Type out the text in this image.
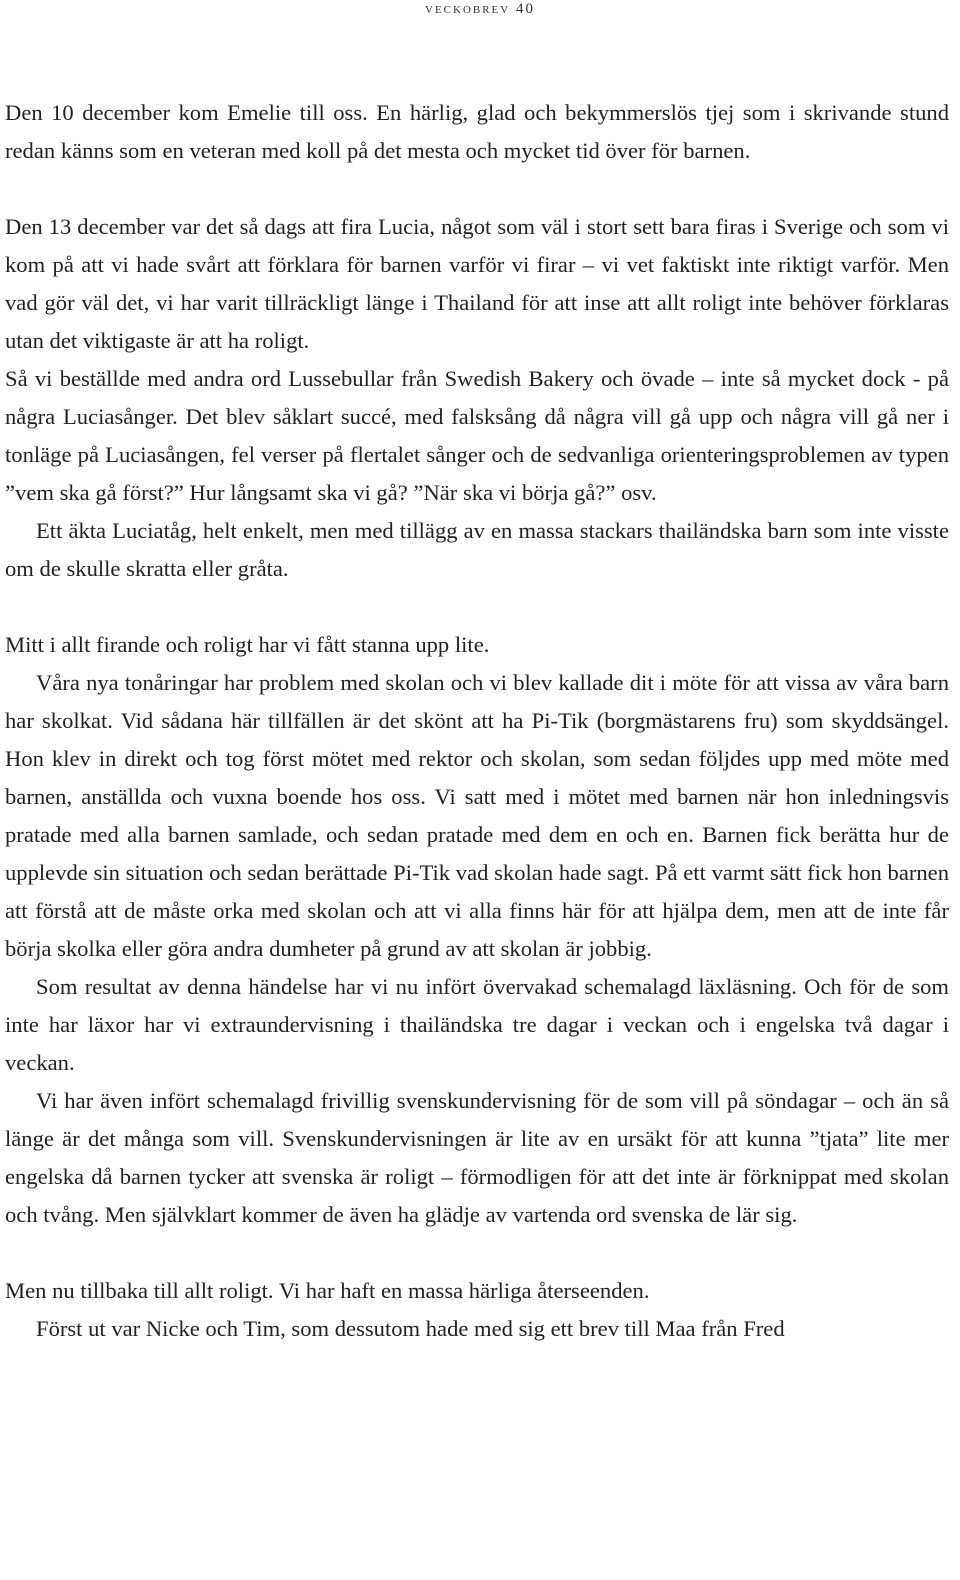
veckobrev 40

Den 10 december kom Emelie till oss. En härlig, glad och bekymmerslös tjej som i skrivande stund redan känns som en veteran med koll på det mesta och mycket tid över för barnen.

Den 13 december var det så dags att fira Lucia, något som väl i stort sett bara firas i Sverige och som vi kom på att vi hade svårt att förklara för barnen varför vi firar – vi vet faktiskt inte riktigt varför. Men vad gör väl det, vi har varit tillräckligt länge i Thailand för att inse att allt roligt inte behöver förklaras utan det viktigaste är att ha roligt.

Så vi beställde med andra ord Lussebullar från Swedish Bakery och övade – inte så mycket dock - på några Luciasånger. Det blev såklart succé, med falsksång då några vill gå upp och några vill gå ner i tonläge på Luciasången, fel verser på flertalet sånger och de sedvanliga orienteringsproblemen av typen ”vem ska gå först?” Hur långsamt ska vi gå? ”När ska vi börja gå?” osv.

Ett äkta Luciatåg, helt enkelt, men med tillägg av en massa stackars thailändska barn som inte visste om de skulle skratta eller gråta.

Mitt i allt firande och roligt har vi fått stanna upp lite.

Våra nya tonåringar har problem med skolan och vi blev kallade dit i möte för att vissa av våra barn har skolkat. Vid sådana här tillfällen är det skönt att ha Pi-Tik (borgmästarens fru) som skyddsängel. Hon klev in direkt och tog först mötet med rektor och skolan, som sedan följdes upp med möte med barnen, anställda och vuxna boende hos oss. Vi satt med i mötet med barnen när hon inledningsvis pratade med alla barnen samlade, och sedan pratade med dem en och en. Barnen fick berätta hur de upplevde sin situation och sedan berättade Pi-Tik vad skolan hade sagt. På ett varmt sätt fick hon barnen att förstå att de måste orka med skolan och att vi alla finns här för att hjälpa dem, men att de inte får börja skolka eller göra andra dumheter på grund av att skolan är jobbig.

Som resultat av denna händelse har vi nu infört övervakad schemalagd läxläsning. Och för de som inte har läxor har vi extraundervisning i thailändska tre dagar i veckan och i engelska två dagar i veckan.

Vi har även infört schemalagd frivillig svenskundervisning för de som vill på söndagar – och än så länge är det många som vill. Svenskundervisningen är lite av en ursäkt för att kunna ”tjata” lite mer engelska då barnen tycker att svenska är roligt – förmodligen för att det inte är förknippat med skolan och tvång. Men självklart kommer de även ha glädje av vartenda ord svenska de lär sig.

Men nu tillbaka till allt roligt. Vi har haft en massa härliga återseenden.

Först ut var Nicke och Tim, som dessutom hade med sig ett brev till Maa från Fred
